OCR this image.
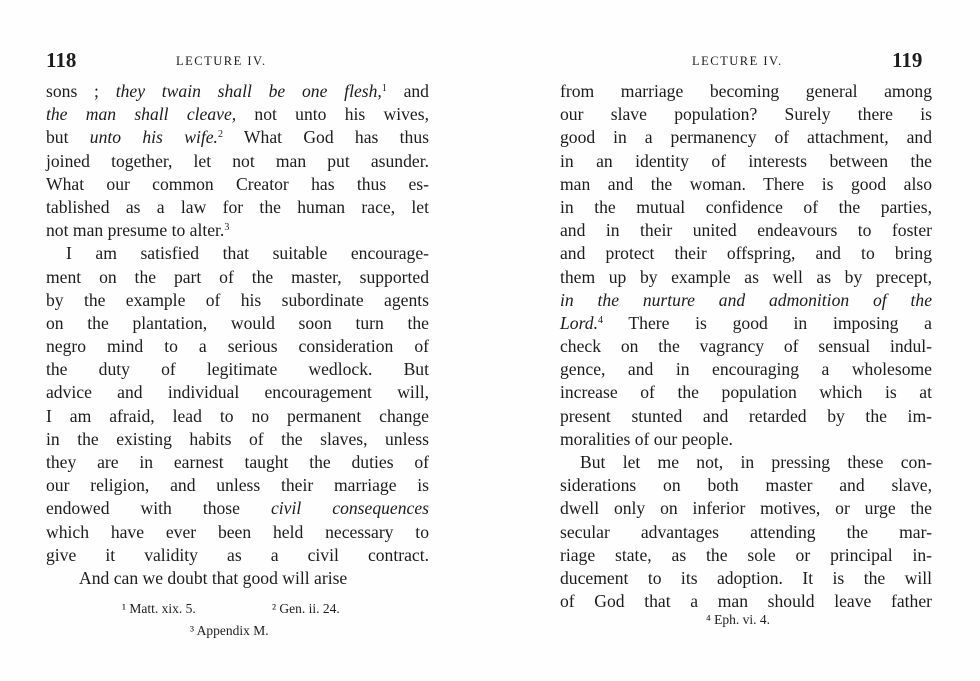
118	LECTURE IV.
sons ; they twain shall be one flesh,$^1$ and
the man shall cleave, not unto his wives,
but unto his wife.$^2$ What God has thus
joined together, let not man put asunder.
What our common Creator has thus es-
tablished as a law for the human race, let
not man presume to alter.$^3$
I am satisfied that suitable encourage-
ment on the part of the master, supported
by the example of his subordinate agents
on the plantation, would soon turn the
negro mind to a serious consideration of
the duty of legitimate wedlock. But
advice and individual encouragement will,
I am afraid, lead to no permanent change
in the existing habits of the slaves, unless
they are in earnest taught the duties of
our religion, and unless their marriage is
endowed with those civil consequences
which have ever been held necessary to
give it validity as a civil contract.
And can we doubt that good will arise
¹ Matt. xix. 5.	² Gen. ii. 24.
³ Appendix M.
119
LECTURE IV.
from marriage becoming general among
our slave population? Surely there is
good in a permanency of attachment, and
in an identity of interests between the
man and the woman. There is good also
in the mutual confidence of the parties,
and in their united endeavours to foster
and protect their offspring, and to bring
them up by example as well as by precept,
in the nurture and admonition of the
Lord.$^4$ There is good in imposing a
check on the vagrancy of sensual indul-
gence, and in encouraging a wholesome
increase of the population which is at
present stunted and retarded by the im-
moralities of our people.
But let me not, in pressing these con-
siderations on both master and slave,
dwell only on inferior motives, or urge the
secular advantages attending the mar-
riage state, as the sole or principal in-
ducement to its adoption. It is the will
of God that a man should leave father
⁴ Eph. vi. 4.
